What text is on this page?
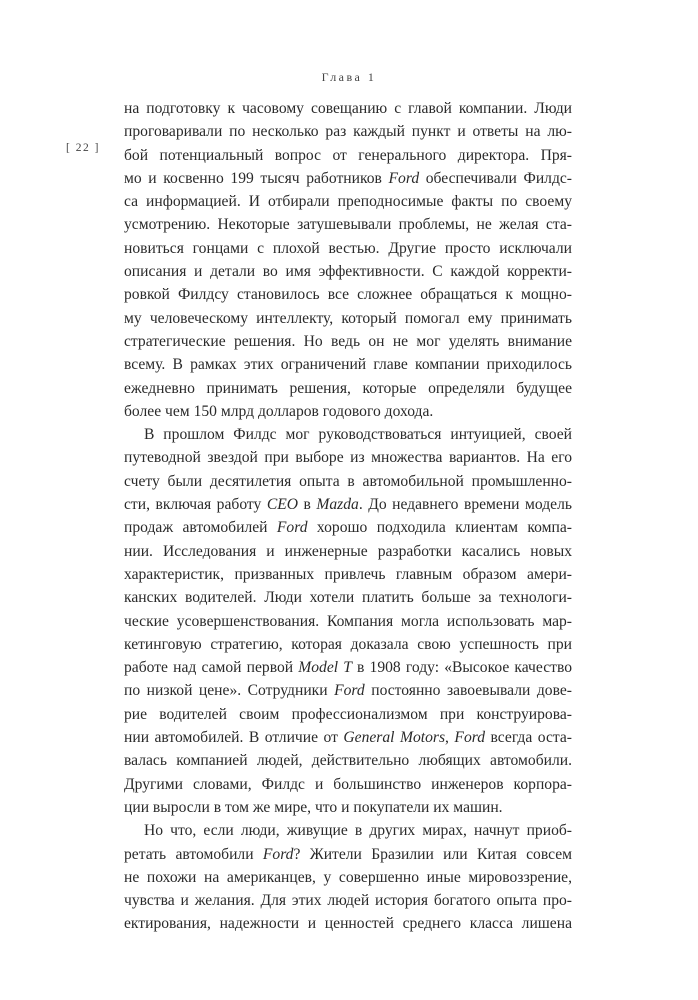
Глава 1
[ 22 ]
на подготовку к часовому совещанию с главой компании. Люди
проговаривали по несколько раз каждый пункт и ответы на лю-
бой потенциальный вопрос от генерального директора. Пря-
мо и косвенно 199 тысяч работников Ford обеспечивали Филдс-
са информацией. И отбирали преподносимые факты по своему
усмотрению. Некоторые затушевывали проблемы, не желая ста-
новиться гонцами с плохой вестью. Другие просто исключали
описания и детали во имя эффективности. С каждой корректи-
ровкой Филдсу становилось все сложнее обращаться к мощно-
му человеческому интеллекту, который помогал ему принимать
стратегические решения. Но ведь он не мог уделять внимание
всему. В рамках этих ограничений главе компании приходилось
ежедневно принимать решения, которые определяли будущее
более чем 150 млрд долларов годового дохода.
В прошлом Филдс мог руководствоваться интуицией, своей
путеводной звездой при выборе из множества вариантов. На его
счету были десятилетия опыта в автомобильной промышленно-
сти, включая работу CEO в Mazda. До недавнего времени модель
продаж автомобилей Ford хорошо подходила клиентам компа-
нии. Исследования и инженерные разработки касались новых
характеристик, призванных привлечь главным образом амери-
канских водителей. Люди хотели платить больше за технологи-
ческие усовершенствования. Компания могла использовать мар-
кетинговую стратегию, которая доказала свою успешность при
работе над самой первой Model T в 1908 году: «Высокое качество
по низкой цене». Сотрудники Ford постоянно завоевывали дове-
рие водителей своим профессионализмом при конструирова-
нии автомобилей. В отличие от General Motors, Ford всегда оста-
валась компанией людей, действительно любящих автомобили.
Другими словами, Филдс и большинство инженеров корпора-
ции выросли в том же мире, что и покупатели их машин.
Но что, если люди, живущие в других мирах, начнут приоб-
ретать автомобили Ford? Жители Бразилии или Китая совсем
не похожи на американцев, у совершенно иные мировоззрение,
чувства и желания. Для этих людей история богатого опыта про-
ектирования, надежности и ценностей среднего класса лишена
